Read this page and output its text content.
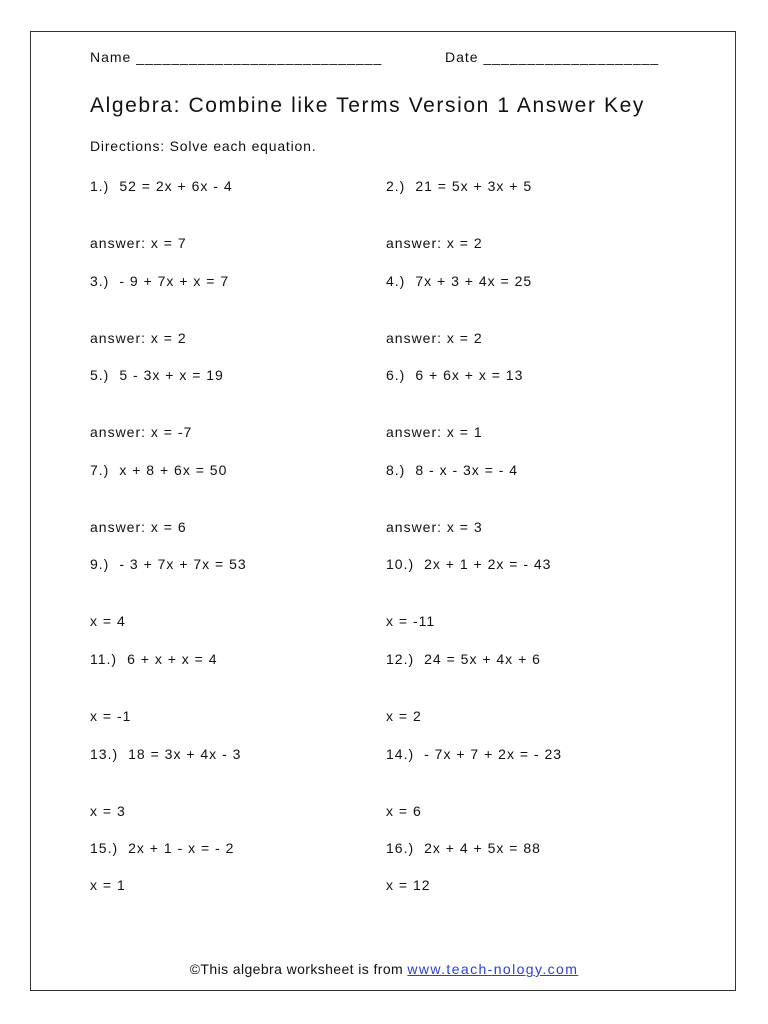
Name ____________________________	Date ____________________
Algebra: Combine like Terms Version 1 Answer Key
Directions: Solve each equation.
1.) 52 = 2x + 6x - 4
answer: x = 7
2.) 21 = 5x + 3x + 5
answer: x = 2
3.) - 9 + 7x + x = 7
answer: x = 2
4.) 7x + 3 + 4x = 25
answer: x = 2
5.) 5 - 3x + x = 19
answer: x = -7
6.) 6 + 6x + x = 13
answer: x = 1
7.) x + 8 + 6x = 50
answer: x = 6
8.) 8 - x - 3x = - 4
answer: x = 3
9.) - 3 + 7x + 7x = 53
x = 4
10.) 2x + 1 + 2x = - 43
x = -11
11.) 6 + x + x = 4
x = -1
12.) 24 = 5x + 4x + 6
x = 2
13.) 18 = 3x + 4x - 3
x = 3
14.) - 7x + 7 + 2x = - 23
x = 6
15.) 2x + 1 - x = - 2
x = 1
16.) 2x + 4 + 5x = 88
x = 12
©This algebra worksheet is from www.teach-nology.com
